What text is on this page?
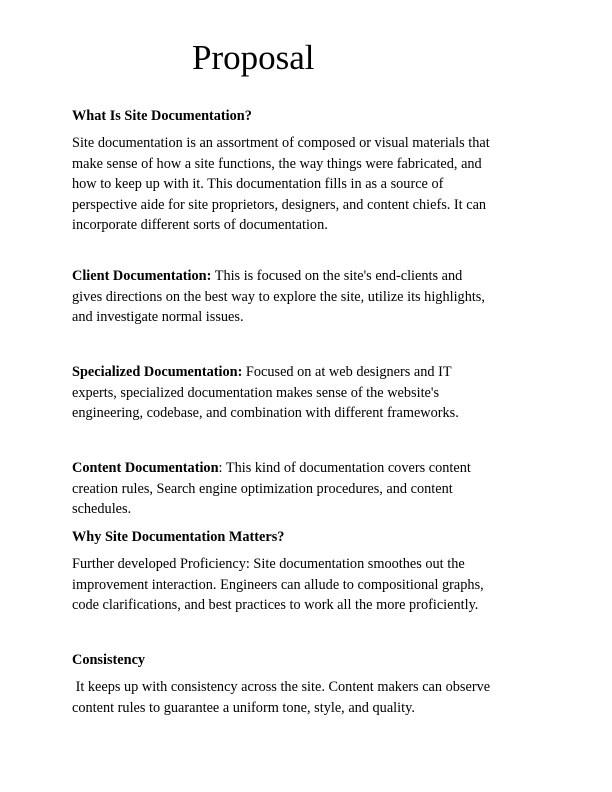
Proposal
What Is Site Documentation?
Site documentation is an assortment of composed or visual materials that
make sense of how a site functions, the way things were fabricated, and
how to keep up with it. This documentation fills in as a source of
perspective aide for site proprietors, designers, and content chiefs. It can
incorporate different sorts of documentation.
Client Documentation: This is focused on the site's end-clients and
gives directions on the best way to explore the site, utilize its highlights,
and investigate normal issues.
Specialized Documentation: Focused on at web designers and IT
experts, specialized documentation makes sense of the website's
engineering, codebase, and combination with different frameworks.
Content Documentation: This kind of documentation covers content
creation rules, Search engine optimization procedures, and content
schedules.
Why Site Documentation Matters?
Further developed Proficiency: Site documentation smoothes out the
improvement interaction. Engineers can allude to compositional graphs,
code clarifications, and best practices to work all the more proficiently.
Consistency
It keeps up with consistency across the site. Content makers can observe
content rules to guarantee a uniform tone, style, and quality.
